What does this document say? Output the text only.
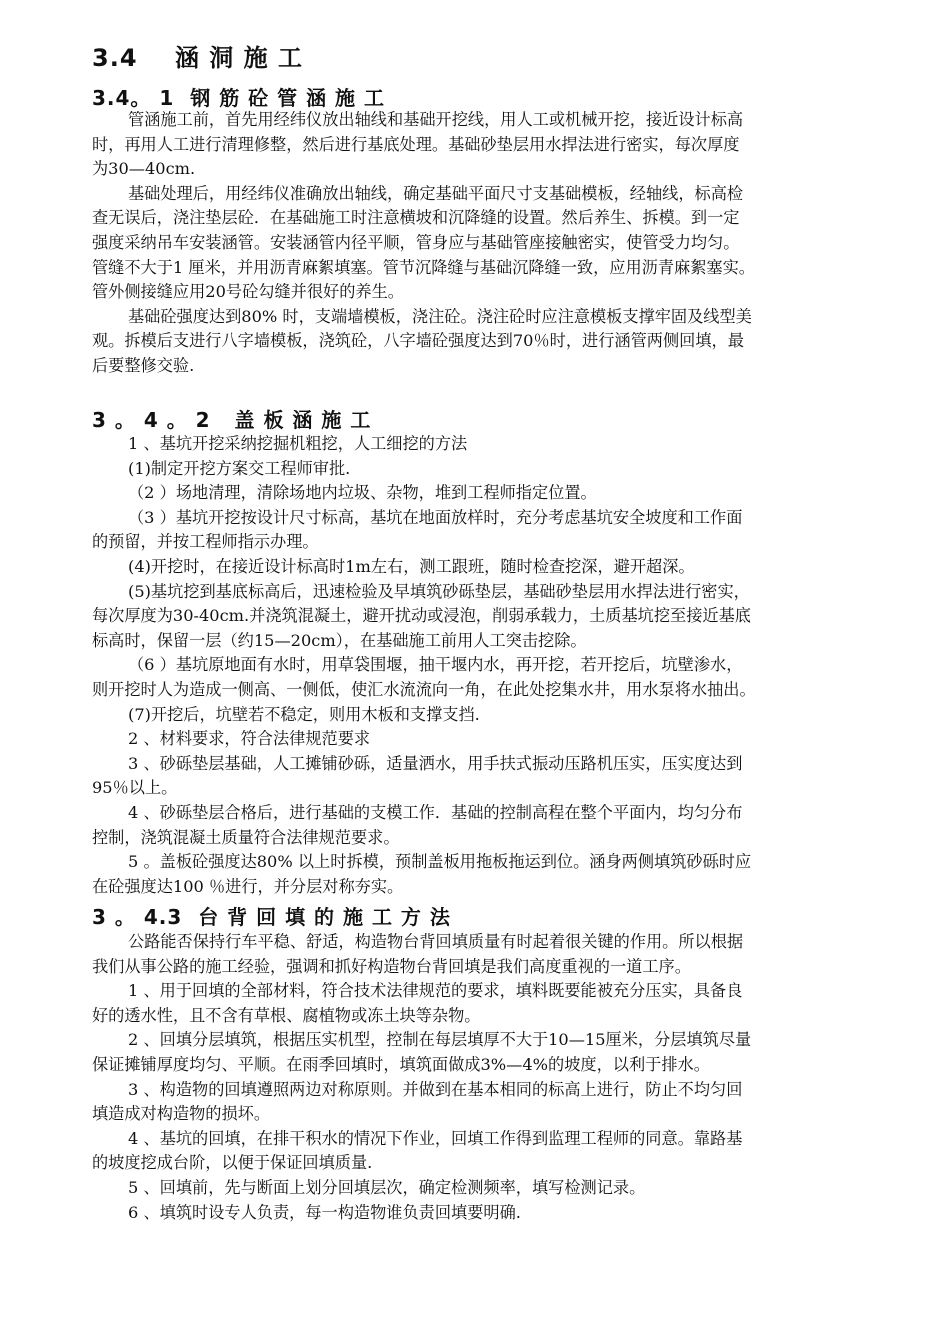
3.4    涵 洞 施 工
3.4。 1  钢 筋 砼 管 涵 施 工
管涵施工前，首先用经纬仪放出轴线和基础开挖线，用人工或机械开挖，接近设计标高
时，再用人工进行清理修整，然后进行基底处理。基础砂垫层用水捍法进行密实，每次厚度
为30—40cm.
基础处理后，用经纬仪准确放出轴线，确定基础平面尺寸支基础模板，经轴线，标高检
查无误后，浇注垫层砼．在基础施工时注意横坡和沉降缝的设置。然后养生、拆模。到一定
强度采纳吊车安装涵管。安装涵管内径平顺，管身应与基础管座接触密实，使管受力均匀。
管缝不大于1 厘米，并用沥青麻絮填塞。管节沉降缝与基础沉降缝一致，应用沥青麻絮塞实。
管外侧接缝应用20号砼勾缝并很好的养生。
基础砼强度达到80% 时，支端墙模板，浇注砼。浇注砼时应注意模板支撑牢固及线型美
观。拆模后支进行八字墙模板，浇筑砼，八字墙砼强度达到70％时，进行涵管两侧回填，最
后要整修交验.
3 。 4 。 2   盖 板 涵 施 工
1 、基坑开挖采纳挖掘机粗挖，人工细挖的方法
(1)制定开挖方案交工程师审批.
（2 ）场地清理，清除场地内垃圾、杂物，堆到工程师指定位置。
（3 ）基坑开挖按设计尺寸标高，基坑在地面放样时，充分考虑基坑安全坡度和工作面
的预留，并按工程师指示办理。
(4)开挖时，在接近设计标高时1m左右，测工跟班，随时检查挖深，避开超深。
(5)基坑挖到基底标高后，迅速检验及早填筑砂砾垫层，基础砂垫层用水捍法进行密实，
每次厚度为30-40cm.并浇筑混凝土，避开扰动或浸泡，削弱承载力，土质基坑挖至接近基底
标高时，保留一层（约15—20cm），在基础施工前用人工突击挖除。
（6 ）基坑原地面有水时，用草袋围堰，抽干堰内水，再开挖，若开挖后，坑壁渗水，
则开挖时人为造成一侧高、一侧低，使汇水流流向一角，在此处挖集水井，用水泵将水抽出。
(7)开挖后，坑壁若不稳定，则用木板和支撑支挡.
2 、材料要求，符合法律规范要求
3 、砂砾垫层基础，人工摊铺砂砾，适量洒水，用手扶式振动压路机压实，压实度达到
95％以上。
4 、砂砾垫层合格后，进行基础的支模工作．基础的控制高程在整个平面内，均匀分布
控制，浇筑混凝土质量符合法律规范要求。
5 。盖板砼强度达80% 以上时拆模，预制盖板用拖板拖运到位。涵身两侧填筑砂砾时应
在砼强度达100 ％进行，并分层对称夯实。
3 。 4.3  台 背 回 填 的 施 工 方 法
公路能否保持行车平稳、舒适，构造物台背回填质量有时起着很关键的作用。所以根据
我们从事公路的施工经验，强调和抓好构造物台背回填是我们高度重视的一道工序。
1 、用于回填的全部材料，符合技术法律规范的要求，填料既要能被充分压实，具备良
好的透水性，且不含有草根、腐植物或冻土块等杂物。
2 、回填分层填筑，根据压实机型，控制在每层填厚不大于10—15厘米，分层填筑尽量
保证摊铺厚度均匀、平顺。在雨季回填时，填筑面做成3%—4%的坡度，以利于排水。
3 、构造物的回填遵照两边对称原则。并做到在基本相同的标高上进行，防止不均匀回
填造成对构造物的损坏。
4 、基坑的回填，在排干积水的情况下作业，回填工作得到监理工程师的同意。靠路基
的坡度挖成台阶，以便于保证回填质量.
5 、回填前，先与断面上划分回填层次，确定检测频率，填写检测记录。
6 、填筑时设专人负责，每一构造物谁负责回填要明确.
